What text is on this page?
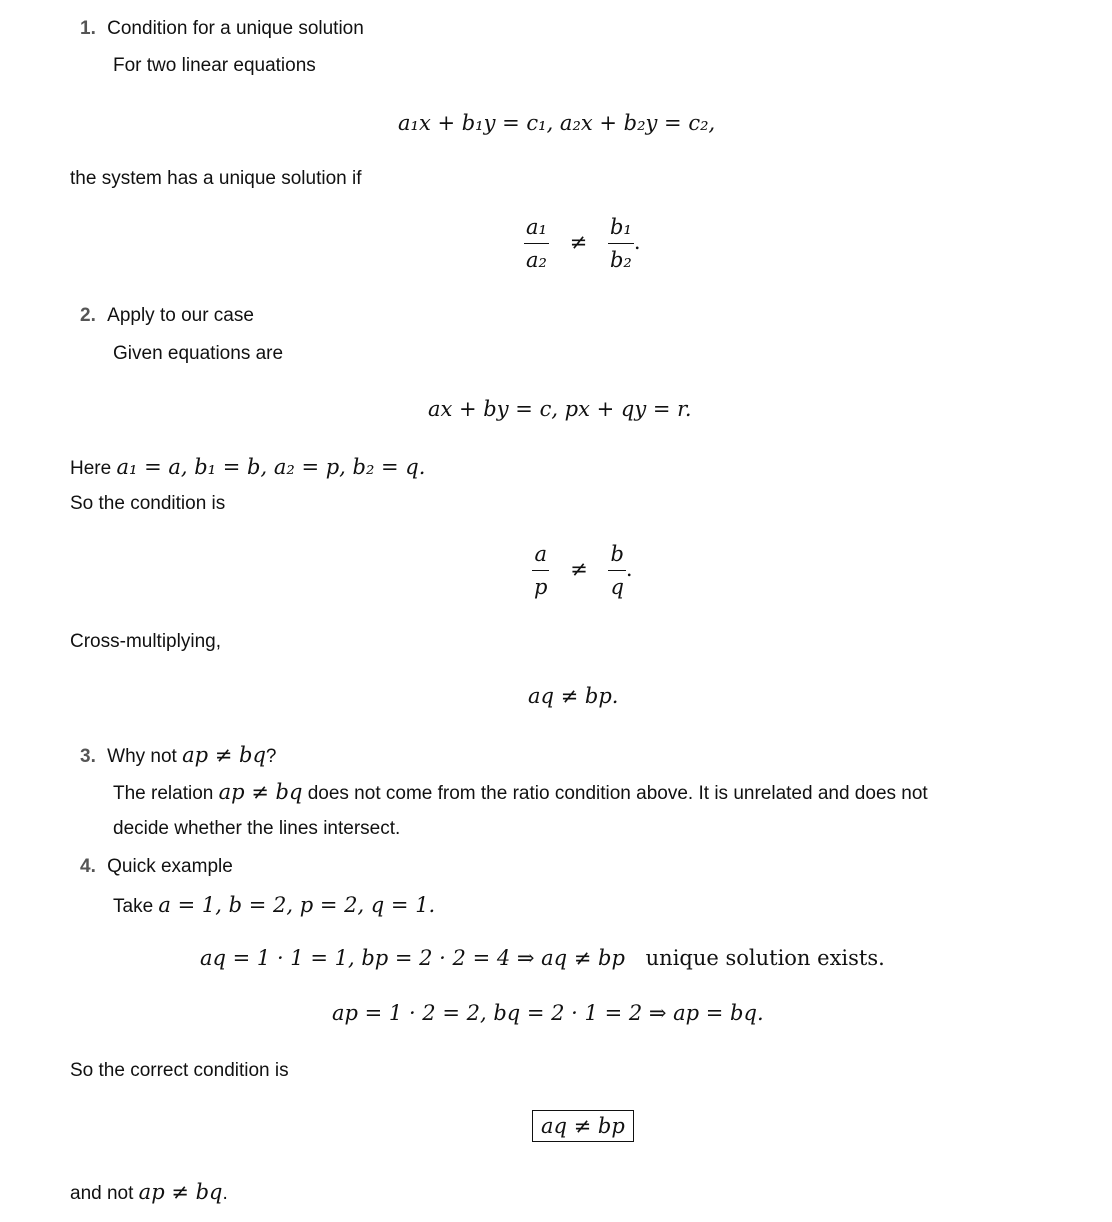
1. Condition for a unique solution
For two linear equations
a₁x + b₁y = c₁, a₂x + b₂y = c₂,
the system has a unique solution if
$\frac{\text{a₁}}{\text{a₂}} \ne \frac{\text{b₁}}{\text{b₂}}$ .
2. Apply to our case
Given equations are
ax + by = c, px + qy = r.
Here a₁ = a, b₁ = b, a₂ = p, b₂ = q.
So the condition is
$\frac{a}{p} \ne \frac{b}{q}$ .
Cross-multiplying,
aq ≠ bp.
3. Why not ap ≠ bq?
The relation ap ≠ bq does not come from the ratio condition above. It is unrelated and does not
decide whether the lines intersect.
4. Quick example
Take a = 1, b = 2, p = 2, q = 1.
aq = 1 · 1 = 1, bp = 2 · 2 = 4 ⇒ aq ≠ bp unique solution exists.
ap = 1 · 2 = 2, bq = 2 · 1 = 2 ⇒ ap = bq.
So the correct condition is
aq ≠ bp
and not ap ≠ bq.
